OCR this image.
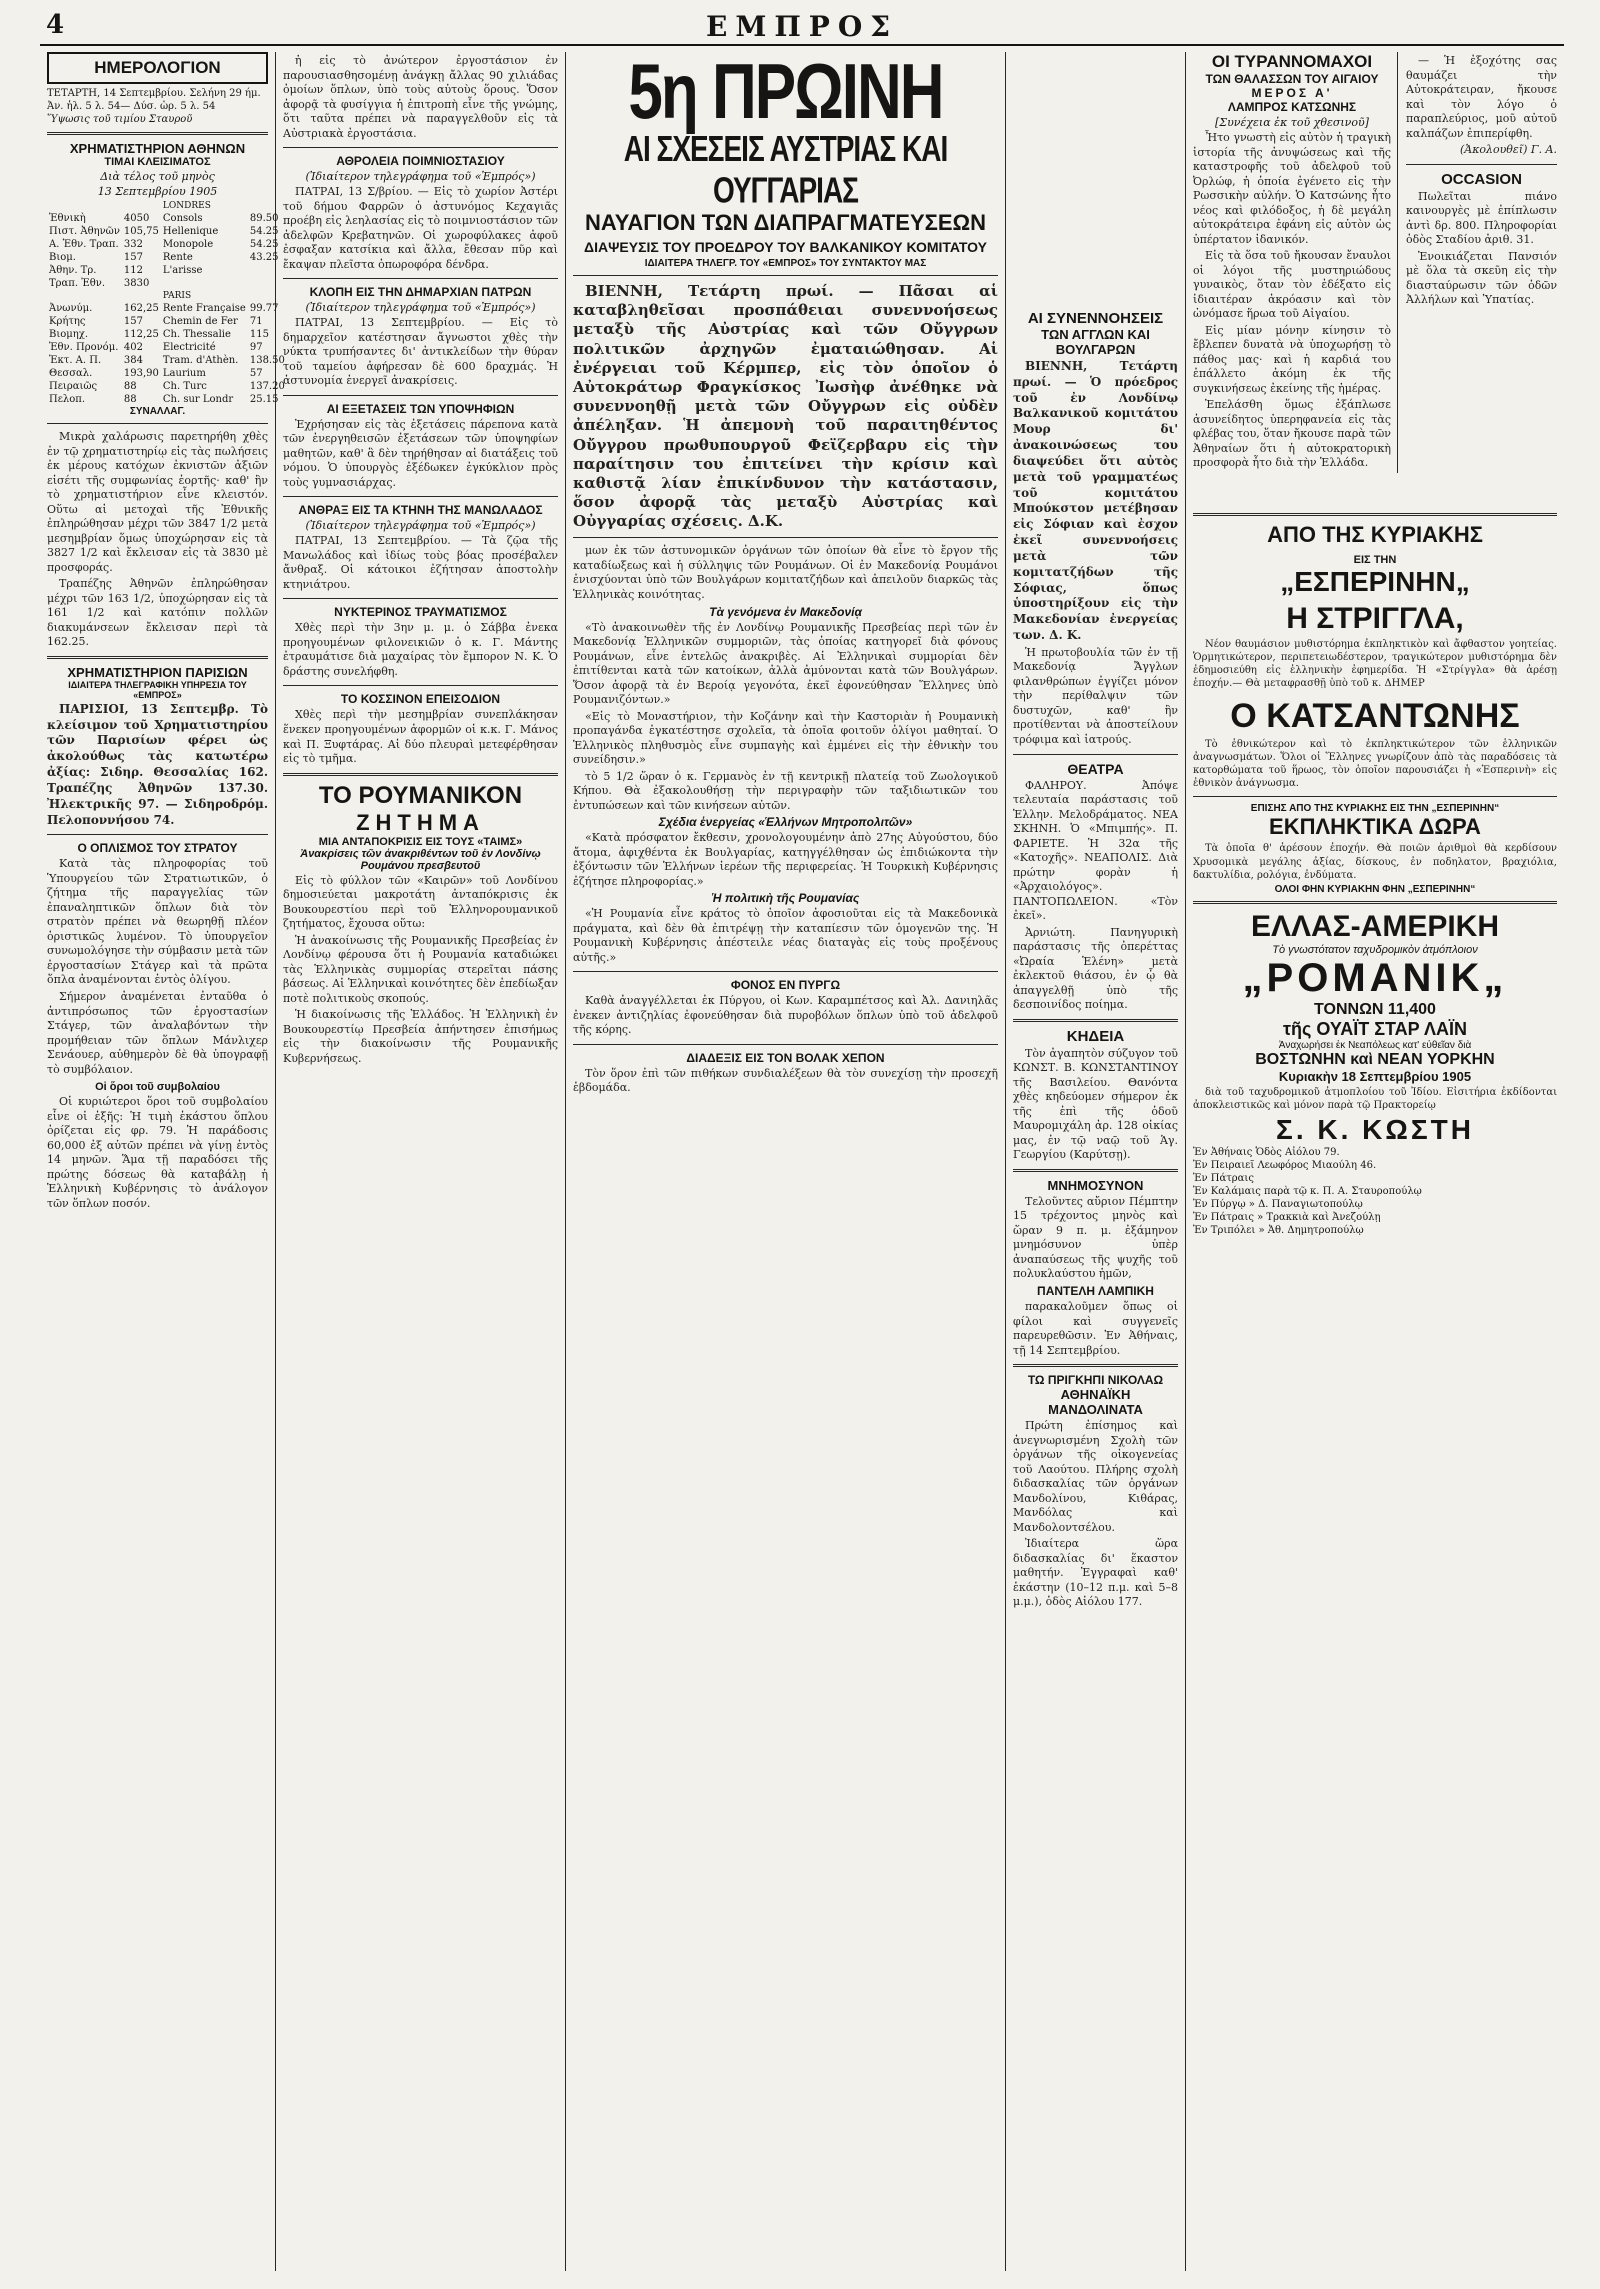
4	ΕΜΠΡΟΣ
ΗΜΕΡΟΛΟΓΙΟΝ
ΤΕΤΑΡΤΗ, 14 Σεπτεμβρίου. Σελήνη 29 ήμ.
Ἀν. ἡλ. 5 λ. 54— Δύσ. ὡρ. 5 λ. 54
Ὕψωσις τοῦ τιμίου Σταυροῦ
ΧΡΗΜΑΤΙΣΤΗΡΙΟΝ ΑΘΗΝΩΝ
ΤΙΜΑΙ ΚΛΕΙΣΙΜΑΤΟΣ
Διὰ τέλος τοῦ μηνὸς
13 Σεπτεμβρίου 1905
		LONDRES	
Ἐθνικὴ	4050	Consols	89.50
Πιστ. Ἀθηνῶν	105,75	Hellenique	54.25
Α. Ἐθν. Τραπ.	332	Monopole	54.25
Βιομ.	157	Rente	43.25
Ἀθην. Τρ.	112	L'arisse	
Τραπ. Ἐθν.	3830		
		PARIS	
Ἀνωνύμ.	162,25	Rente Française	99.77
Κρήτης	157	Chemin de Fer	71
Βιομηχ.	112,25	Ch. Thessalie	115
Ἐθν. Προνόμ.	402	Electricité	97
Ἐκτ. Α. Π.	384	Tram. d'Athèn.	138.50
Θεσσαλ.	193,90	Laurium	57
Πειραιῶς	88	Ch. Turc	137.20
Πελοπ.	88	Ch. sur Londr	25.15
ΣΥΝΑΛΛΑΓ.

Μικρὰ χαλάρωσις παρετηρήθη χθὲς ἐν τῷ χρηματιστηρίῳ εἰς τὰς πωλήσεις ἐκ μέρους κατόχων ἐκνιστῶν ἀξιῶν εἰσέτι τῆς συμφωνίας ἐορτῆς· καθ' ἣν τὸ χρηματιστήριον εἶνε κλειστόν. Οὕτω αἱ μετοχαὶ τῆς Ἐθνικῆς ἐπληρώθησαν μέχρι τῶν 3847 1/2 μετὰ μεσημβρίαν ὅμως ὑποχώρησαν εἰς τὰ 3827 1/2 καὶ ἔκλεισαν εἰς τὰ 3830 μὲ προσφοράς.

Τραπέζης Ἀθηνῶν ἐπληρώθησαν μέχρι τῶν 163 1/2, ὑποχώρησαν εἰς τὰ 161 1/2 καὶ κατόπιν πολλῶν διακυμάνσεων ἔκλεισαν περὶ τὰ 162.25.

ΧΡΗΜΑΤΙΣΤΗΡΙΟΝ ΠΑΡΙΣΙΩΝ
ΙΔΙΑΙΤΕΡΑ ΤΗΛΕΓΡΑΦΙΚΗ ΥΠΗΡΕΣΙΑ ΤΟΥ «ΕΜΠΡΟΣ»

ΠΑΡΙΣΙΟΙ, 13 Σεπτεμβρ. Τὸ κλείσιμον τοῦ Χρηματιστηρίου τῶν Παρισίων φέρει ὡς ἀκολούθως τὰς κατωτέρω ἀξίας: Σιδηρ. Θεσσαλίας 162. Τραπέζης Ἀθηνῶν 137.30. Ἠλεκτρικῆς 97. — Σιδηροδρόμ. Πελοποννήσου 74.

Ο ΟΠΛΙΣΜΟΣ ΤΟΥ ΣΤΡΑΤΟΥ

Κατὰ τὰς πληροφορίας τοῦ Ὑπουργείου τῶν Στρατιωτικῶν, ὁ ζήτημα τῆς παραγγελίας τῶν ἐπαναληπτικῶν ὅπλων διὰ τὸν στρατὸν πρέπει νὰ θεωρηθῇ πλέον ὁριστικῶς λυμένον. Τὸ ὑπουργεῖον συνωμολόγησε τὴν σύμβασιν μετὰ τῶν ἐργοστασίων Στάγερ καὶ τὰ πρῶτα ὅπλα ἀναμένονται ἐντὸς ὀλίγου.

Σήμερον ἀναμένεται ἐνταῦθα ὁ ἀντιπρόσωπος τῶν ἐργοστασίων Στάγερ, τῶν ἀναλαβόντων τὴν προμήθειαν τῶν ὅπλων Μάνλιχερ Σενάουερ, αὐθημερὸν δὲ θὰ ὑπογραφῇ τὸ συμβόλαιον.

Οἱ ὅροι τοῦ συμβολαίου

Οἱ κυριώτεροι ὅροι τοῦ συμβολαίου εἶνε οἱ ἑξῆς: Ἡ τιμὴ ἑκάστου ὅπλου ὁρίζεται εἰς φρ. 79. Ἡ παράδοσις 60,000 ἐξ αὐτῶν πρέπει νὰ γίνῃ ἐντὸς 14 μηνῶν. Ἅμα τῇ παραδόσει τῆς πρώτης δόσεως θὰ καταβάλῃ ἡ Ἑλληνικὴ Κυβέρνησις τὸ ἀνάλογον τῶν ὅπλων ποσόν.

ἡ εἰς τὸ ἀνώτερον ἐργοστάσιον ἐν παρουσιασθησομένῃ ἀνάγκῃ ἄλλας 90 χιλιάδας ὁμοίων ὅπλων, ὑπὸ τοὺς αὐτοὺς ὅρους. Ὅσον ἀφορᾷ τὰ φυσίγγια ἡ ἐπιτροπὴ εἶνε τῆς γνώμης, ὅτι ταῦτα πρέπει νὰ παραγγελθοῦν εἰς τὰ Αὐστριακὰ ἐργοστάσια.

ΑΘΡΟΛΕΙΑ ΠΟΙΜΝΙΟΣΤΑΣΙΟΥ
(Ἰδιαίτερον τηλεγράφημα τοῦ «Ἐμπρός»)

ΠΑΤΡΑΙ, 13 Σ/βρίου. — Εἰς τὸ χωρίον Ἀστέρι τοῦ δήμου Φαρρῶν ὁ ἀστυνόμος Κεχαγιᾶς προέβη εἰς λεηλασίας εἰς τὸ ποιμνιοστάσιον τῶν ἀδελφῶν Κρεβατηνῶν. Οἱ χωροφύλακες ἀφοῦ ἐσφαξαν κατσίκια καὶ ἄλλα, ἔθεσαν πῦρ καὶ ἔκαψαν πλεῖστα ὁπωροφόρα δένδρα.

ΚΛΟΠΗ ΕΙΣ ΤΗΝ ΔΗΜΑΡΧΙΑΝ ΠΑΤΡΩΝ
(Ἰδιαίτερον τηλεγράφημα τοῦ «Ἐμπρός»)

ΠΑΤΡΑΙ, 13 Σεπτεμβρίου. — Εἰς τὸ δημαρχεῖον κατέστησαν ἄγνωστοι χθὲς τὴν νύκτα τρυπήσαντες δι' ἀντικλείδων τὴν θύραν τοῦ ταμείου ἀφήρεσαν δὲ 600 δραχμάς. Ἡ ἀστυνομία ἐνεργεῖ ἀνακρίσεις.

ΑΙ ΕΞΕΤΑΣΕΙΣ ΤΩΝ ΥΠΟΨΗΦΙΩΝ

Ἐχρήσησαν εἰς τὰς ἐξετάσεις πάρεπονα κατὰ τῶν ἐνεργηθεισῶν ἐξετάσεων τῶν ὑποψηφίων μαθητῶν, καθ' ἃ δὲν τηρήθησαν αἱ διατάξεις τοῦ νόμου. Ὁ ὑπουργὸς ἐξέδωκεν ἐγκύκλιον πρὸς τοὺς γυμνασιάρχας.

ΑΝΘΡΑΞ ΕΙΣ ΤΑ ΚΤΗΝΗ ΤΗΣ ΜΑΝΩΛΑΔΟΣ
(Ἰδιαίτερον τηλεγράφημα τοῦ «Ἐμπρός»)

ΠΑΤΡΑΙ, 13 Σεπτεμβρίου. — Τὰ ζῷα τῆς Μανωλάδος καὶ ἰδίως τοὺς βόας προσέβαλεν ἄνθραξ. Οἱ κάτοικοι ἐζήτησαν ἀποστολὴν κτηνιάτρου.

ΝΥΚΤΕΡΙΝΟΣ ΤΡΑΥΜΑΤΙΣΜΟΣ

Χθὲς περὶ τὴν 3ην μ. μ. ὁ Σάββα ἐνεκα προηγουμένων φιλονεικιῶν ὁ κ. Γ. Μάντης ἐτραυμάτισε διὰ μαχαίρας τὸν ἔμπορον Ν. Κ. Ὁ δράστης συνελήφθη.

ΤΟ ΚΟΣΣΙΝΟΝ ΕΠΕΙΣΟΔΙΟΝ

Χθὲς περὶ τὴν μεσημβρίαν συνεπλάκησαν ἕνεκεν προηγουμένων ἀφορμῶν οἱ κ.κ. Γ. Μάνος καὶ Π. Ξυφτάρας. Αἱ δύο πλευραὶ μετεφέρθησαν εἰς τὸ τμῆμα.

ΤΟ ΡΟΥΜΑΝΙΚΟΝ
ΖΗΤΗΜΑ
ΜΙΑ ΑΝΤΑΠΟΚΡΙΣΙΣ ΕΙΣ ΤΟΥΣ «ΤΑΙΜΣ»
Ἀνακρίσεις τῶν ἀνακριθέντων τοῦ ἐν Λονδίνῳ Ρουμάνου πρεσβευτοῦ

Εἰς τὸ φύλλον τῶν «Καιρῶν» τοῦ Λονδίνου δημοσιεύεται μακροτάτη ἀνταπόκρισις ἐκ Βουκουρεστίου περὶ τοῦ Ἑλληνορουμανικοῦ ζητήματος, ἔχουσα οὕτω:

Ἡ ἀνακοίνωσις τῆς Ρουμανικῆς Πρεσβείας ἐν Λονδίνῳ φέρουσα ὅτι ἡ Ρουμανία καταδιώκει τὰς Ἑλληνικὰς συμμορίας στερεῖται πάσης βάσεως. Αἱ Ἑλληνικαὶ κοινότητες δὲν ἐπεδίωξαν ποτὲ πολιτικοὺς σκοπούς.

Ἡ διακοίνωσις τῆς Ἑλλάδος. Ἡ Ἑλληνικὴ ἐν Βουκουρεστίῳ Πρεσβεία ἀπήντησεν ἐπισήμως εἰς τὴν διακοίνωσιν τῆς Ρουμανικῆς Κυβερνήσεως.

5η ΠΡΩΙΝΗ
ΑΙ ΣΧΕΣΕΙΣ ΑΥΣΤΡΙΑΣ ΚΑΙ ΟΥΓΓΑΡΙΑΣ
ΝΑΥΑΓΙΟΝ ΤΩΝ ΔΙΑΠΡΑΓΜΑΤΕΥΣΕΩΝ
ΔΙΑΨΕΥΣΙΣ ΤΟΥ ΠΡΟΕΔΡΟΥ ΤΟΥ ΒΑΛΚΑΝΙΚΟΥ ΚΟΜΙΤΑΤΟΥ
ΙΔΙΑΙΤΕΡΑ ΤΗΛΕΓΡ. ΤΟΥ «ΕΜΠΡΟΣ» ΤΟΥ ΣΥΝΤΑΚΤΟΥ ΜΑΣ

ΒΙΕΝΝΗ, Τετάρτη πρωί. — Πᾶσαι αἱ καταβληθεῖσαι προσπάθειαι συνεννοήσεως μεταξὺ τῆς Αὐστρίας καὶ τῶν Οὔγγρων πολιτικῶν ἀρχηγῶν ἐματαιώθησαν. Αἱ ἐνέργειαι τοῦ Κέρμπερ, εἰς τὸν ὁποῖον ὁ Αὐτοκράτωρ Φραγκίσκος Ἰωσὴφ ἀνέθηκε νὰ συνεννοηθῇ μετὰ τῶν Οὔγγρων εἰς οὐδὲν ἀπέληξαν. Ἡ ἀπεμονὴ τοῦ παραιτηθέντος Οὔγγρου πρωθυπουργοῦ Φεϊζερβαρυ εἰς τὴν παραίτησιν του ἐπιτείνει τὴν κρίσιν καὶ καθιστᾷ λίαν ἐπικίνδυνον τὴν κατάστασιν, ὅσον ἀφορᾷ τὰς μεταξὺ Αὐστρίας καὶ Οὐγγαρίας σχέσεις. Δ.Κ.

μων ἐκ τῶν ἀστυνομικῶν ὀργάνων τῶν ὁποίων θὰ εἶνε τὸ ἔργον τῆς καταδίωξεως καὶ ἡ σύλληψις τῶν Ρουμάνων. Οἱ ἐν Μακεδονίᾳ Ρουμάνοι ἐνισχύονται ὑπὸ τῶν Βουλγάρων κομιτατζήδων καὶ ἀπειλοῦν διαρκῶς τὰς Ἑλληνικὰς κοινότητας.

Τὰ γενόμενα ἐν Μακεδονίᾳ

«Τὸ ἀνακοινωθὲν τῆς ἐν Λονδίνῳ Ρουμανικῆς Πρεσβείας περὶ τῶν ἐν Μακεδονίᾳ Ἑλληνικῶν συμμοριῶν, τὰς ὁποίας κατηγορεῖ διὰ φόνους Ρουμάνων, εἶνε ἐντελῶς ἀνακριβὲς. Αἱ Ἑλληνικαὶ συμμορίαι δὲν ἐπιτίθενται κατὰ τῶν κατοίκων, ἀλλὰ ἀμύνονται κατὰ τῶν Βουλγάρων. Ὅσον ἀφορᾷ τὰ ἐν Βεροίᾳ γεγονότα, ἐκεῖ ἐφονεύθησαν Ἕλληνες ὑπὸ Ρουμανιζόντων.»

«Εἰς τὸ Μοναστήριον, τὴν Κοζάνην καὶ τὴν Καστοριὰν ἡ Ρουμανικὴ προπαγάνδα ἐγκατέστησε σχολεῖα, τὰ ὁποῖα φοιτοῦν ὀλίγοι μαθηταί. Ὁ Ἑλληνικὸς πληθυσμὸς εἶνε συμπαγὴς καὶ ἐμμένει εἰς τὴν ἐθνικὴν του συνείδησιν.»

τὸ 5 1/2 ὥραν ὁ κ. Γερμανὸς ἐν τῇ κεντρικῇ πλατείᾳ τοῦ Ζωολογικοῦ Κήπου. Θὰ ἐξακολουθήσῃ τὴν περιγραφὴν τῶν ταξιδιωτικῶν του ἐντυπώσεων καὶ τῶν κινήσεων αὐτῶν.

Σχέδια ἐνεργείας «Ἑλλήνων Μητροπολιτῶν»

«Κατὰ πρόσφατον ἔκθεσιν, χρονολογουμένην ἀπὸ 27ης Αὐγούστου, δύο ἄτομα, ἀφιχθέντα ἐκ Βουλγαρίας, κατηγγέλθησαν ὡς ἐπιδιώκοντα τὴν ἐξόντωσιν τῶν Ἑλλήνων ἱερέων τῆς περιφερείας. Ἡ Τουρκικὴ Κυβέρνησις ἐζήτησε πληροφορίας.»

Ἡ πολιτικὴ τῆς Ρουμανίας

«Ἡ Ρουμανία εἶνε κράτος τὸ ὁποῖον ἀφοσιοῦται εἰς τὰ Μακεδονικὰ πράγματα, καὶ δὲν θὰ ἐπιτρέψῃ τὴν καταπίεσιν τῶν ὁμογενῶν της. Ἡ Ρουμανικὴ Κυβέρνησις ἀπέστειλε νέας διαταγὰς εἰς τοὺς προξένους αὐτῆς.»

ΦΟΝΟΣ ΕΝ ΠΥΡΓΩ

Καθὰ ἀναγγέλλεται ἐκ Πύργου, οἱ Κων. Καραμπέτσος καὶ Ἀλ. Δανιηλᾶς ἐνεκεν ἀντιζηλίας ἐφονεύθησαν διὰ πυροβόλων ὅπλων ὑπὸ τοῦ ἀδελφοῦ τῆς κόρης.

ΔΙΑΔΕΞΙΣ ΕΙΣ ΤΟΝ ΒΟΛΑΚ ΧΕΠΟΝ

Τὸν ὅρον ἐπὶ τῶν πιθήκων συνδιαλέξεων θὰ τὸν συνεχίσῃ τὴν προσεχῆ ἑβδομάδα.

ΑΙ ΣΥΝΕΝΝΟΗΣΕΙΣ
ΤΩΝ ΑΓΓΛΩΝ ΚΑΙ ΒΟΥΛΓΑΡΩΝ

ΒΙΕΝΝΗ, Τετάρτη πρωί. — Ὁ πρόεδρος τοῦ ἐν Λονδίνῳ Βαλκανικοῦ κομιτάτου Μουρ δι' ἀνακοινώσεως του διαψεύδει ὅτι αὐτὸς μετὰ τοῦ γραμματέως τοῦ κομιτάτου Μπούκστον μετέβησαν εἰς Σόφιαν καὶ ἐσχον ἐκεῖ συνεννοήσεις μετὰ τῶν κομιτατζήδων τῆς Σόφιας, ὅπως ὑποστηρίξουν εἰς τὴν Μακεδονίαν ἐνεργείας των. Δ. Κ.

Ἡ πρωτοβουλία τῶν ἐν τῇ Μακεδονίᾳ Ἄγγλων φιλανθρώπων ἐγγίζει μόνον τὴν περίθαλψιν τῶν δυστυχῶν, καθ' ἣν προτίθενται νὰ ἀποστείλουν τρόφιμα καὶ ἰατρούς.

ΘΕΑΤΡΑ

ΦΑΛΗΡΟΥ. Ἀπόψε τελευταία παράστασις τοῦ Ἑλλην. Μελοδράματος. ΝΕΑ ΣΚΗΝΗ. Ὁ «Μπιμπής». Π. ΦΑΡΙΕΤΕ. Ἡ 32α τῆς «Κατοχῆς». ΝΕΑΠΟΛΙΣ. Διὰ πρώτην φορὰν ἡ «Ἀρχαιολόγος». ΠΑΝΤΟΠΩΛΕΙΟΝ. «Τὸν ἐκεῖ».

Ἀρνιώτη. Πανηγυρικὴ παράστασις τῆς ὀπερέττας «Ὠραία Ἑλένη» μετὰ ἐκλεκτοῦ θιάσου, ἐν ᾧ θὰ ἀπαγγελθῇ ὑπὸ τῆς δεσποινίδος ποίημα.

ΚΗΔΕΙΑ

Τὸν ἀγαπητὸν σύζυγον τοῦ ΚΩΝΣΤ. Β. ΚΩΝΣΤΑΝΤΙΝΟΥ τῆς Βασιλείου. Θανόντα χθὲς κηδεύομεν σήμερον ἐκ τῆς ἐπὶ τῆς ὁδοῦ Μαυρομιχάλη ἀρ. 128 οἰκίας μας, ἐν τῷ ναῷ τοῦ Ἁγ. Γεωργίου (Καρύτσῃ).

ΜΝΗΜΟΣΥΝΟΝ

Τελοῦντες αὔριον Πέμπτην 15 τρέχοντος μηνὸς καὶ ὥραν 9 π. μ. ἐξάμηνον μνημόσυνον ὑπὲρ ἀναπαύσεως τῆς ψυχῆς τοῦ πολυκλαύστου ἡμῶν,

ΠΑΝΤΕΛΗ ΛΑΜΠΙΚΗ

παρακαλοῦμεν ὅπως οἱ φίλοι καὶ συγγενεῖς παρευρεθῶσιν. Ἐν Ἀθήναις, τῇ 14 Σεπτεμβρίου.

ΤΩ ΠΡΙΓΚΗΠΙ ΝΙΚΟΛΑΩ
ΑΘΗΝΑΪΚΗ ΜΑΝΔΟΛΙΝΑΤΑ

Πρώτη ἐπίσημος καὶ ἀνεγνωρισμένη Σχολὴ τῶν ὀργάνων τῆς οἰκογενείας τοῦ Λαούτου. Πλήρης σχολὴ διδασκαλίας τῶν ὀργάνων Μανδολίνου, Κιθάρας, Μανδόλας καὶ Μανδολοντσέλου.

Ἰδιαίτερα ὥρα διδασκαλίας δι' ἕκαστον μαθητήν. Ἐγγραφαὶ καθ' ἑκάστην (10–12 π.μ. καὶ 5–8 μ.μ.), ὁδὸς Αἰόλου 177.

ΟΙ ΤΥΡΑΝΝΟΜΑΧΟΙ
ΤΩΝ ΘΑΛΑΣΣΩΝ ΤΟΥ ΑΙΓΑΙΟΥ
ΜΕΡΟΣ Α'
ΛΑΜΠΡΟΣ ΚΑΤΣΩΝΗΣ
[Συνέχεια ἐκ τοῦ χθεσινοῦ]

Ἦτο γνωστὴ εἰς αὐτὸν ἡ τραγικὴ ἱστορία τῆς ἀνυψώσεως καὶ τῆς καταστροφῆς τοῦ ἀδελφοῦ τοῦ Ὀρλώφ, ἡ ὁποία ἐγένετο εἰς τὴν Ρωσσικὴν αὐλήν. Ὁ Κατσώνης ἦτο νέος καὶ φιλόδοξος, ἡ δὲ μεγάλη αὐτοκράτειρα ἐφάνη εἰς αὐτὸν ὡς ὑπέρτατον ἰδανικόν.

Εἰς τὰ ὅσα τοῦ ἤκουσαν ἔναυλοι οἱ λόγοι τῆς μυστηριώδους γυναικὸς, ὅταν τὸν ἐδέξατο εἰς ἰδιαιτέραν ἀκρόασιν καὶ τὸν ὠνόμασε ἥρωα τοῦ Αἰγαίου.

Εἰς μίαν μόνην κίνησιν τὸ ἔβλεπεν δυνατὰ νὰ ὑποχωρήσῃ τὸ πάθος μας· καὶ ἡ καρδιά του ἐπάλλετο ἀκόμη ἐκ τῆς συγκινήσεως ἐκείνης τῆς ἡμέρας.

Ἐπελάσθη ὅμως ἐξάπλωσε ἀσυνείδητος ὑπερηφανεία εἰς τὰς φλέβας του, ὅταν ἤκουσε παρὰ τῶν Ἀθηναίων ὅτι ἡ αὐτοκρατορικὴ προσφορὰ ἦτο διὰ τὴν Ἑλλάδα.

— Ἡ ἐξοχότης σας θαυμάζει τὴν Αὐτοκράτειραν, ἤκουσε καὶ τὸν λόγο ὁ παραπλεύριος, μοῦ αὐτοῦ καλπάζων ἐπιπερίφθη.

(Ἀκολουθεῖ) Γ. Α.

OCCASION

Πωλεῖται πιάνο καινουργὲς μὲ ἐπίπλωσιν ἀντὶ δρ. 800. Πληροφορίαι ὁδὸς Σταδίου ἀριθ. 31.

Ἐνοικιάζεται Πανσιόν μὲ ὅλα τὰ σκεῦη εἰς τὴν διασταύρωσιν τῶν ὁδῶν Ἀλλήλων καὶ Ὑπατίας.

ΑΠΟ ΤΗΣ ΚΥΡΙΑΚΗΣ
ΕΙΣ ΤΗΝ
„ΕΣΠΕΡΙΝΗΝ„
Η ΣΤΡΙΓΓΛΑ,

Νέον θαυμάσιον μυθιστόρημα ἐκπληκτικὸν καὶ ἄφθαστον γοητείας. Ὁρμητικώτερον, περιπετειωδέστερον, τραγικώτερον μυθιστόρημα δὲν ἐδημοσιεύθη εἰς ἑλληνικὴν ἐφημερίδα. Ἡ «Στρίγγλα» θὰ ἀρέσῃ ἐποχήν.— Θὰ μεταφρασθῇ ὑπὸ τοῦ κ. ΔΗΜΕΡ

Ο ΚΑΤΣΑΝΤΩΝΗΣ

Τὸ ἐθνικώτερον καὶ τὸ ἐκπληκτικώτερον τῶν ἑλληνικῶν ἀναγνωσμάτων. Ὅλοι οἱ Ἕλληνες γνωρίζουν ἀπὸ τὰς παραδόσεις τὰ κατορθώματα τοῦ ἥρωος, τὸν ὁποῖον παρουσιάζει ἡ «Ἑσπερινὴ» εἰς ἐθνικὸν ἀνάγνωσμα.

ΕΠΙΣΗΣ ΑΠΟ ΤΗΣ ΚΥΡΙΑΚΗΣ ΕΙΣ ΤΗΝ „ΕΣΠΕΡΙΝΗΝ“
ΕΚΠΛΗΚΤΙΚΑ ΔΩΡΑ

Τὰ ὁποῖα θ' ἀρέσουν ἐποχήν. Θὰ ποιῶν ἀριθμοὶ θὰ κερδίσουν Χρυσομικὰ μεγάλης ἀξίας, δίσκους, ἐν ποδηλατον, βραχιόλια, δακτυλίδια, ρολόγια, ἐνδύματα.

ΟΛΟΙ ΦΗΝ ΚΥΡΙΑΚΗΝ ΦΗΝ „ΕΣΠΕΡΙΝΗΝ“
ΕΛΛΑΣ-ΑΜΕΡΙΚΗ
Τὸ γνωστότατον ταχυδρομικὸν ἀτμόπλοιον
„ΡΟΜΑΝΙΚ„
ΤΟΝΝΩΝ 11,400
τῆς ΟΥΑΪΤ ΣΤΑΡ ΛΑΪΝ
Ἀναχωρήσει ἐκ Νεαπόλεως κατ' εὐθεῖαν διὰ
ΒΟΣΤΩΝΗΝ καὶ ΝΕΑΝ ΥΟΡΚΗΝ
Κυριακὴν 18 Σεπτεμβρίου 1905

διὰ τοῦ ταχυδρομικοῦ ἀτμοπλοίου τοῦ Ἰδίου. Εἰσιτήρια ἐκδίδονται ἀποκλειστικῶς καὶ μόνον παρὰ τῷ Πρακτορείῳ

Σ. Κ. ΚΩΣΤΗ
Ἐν Ἀθήναις Ὁδὸς Αἰόλου 79.
Ἐν Πειραιεῖ Λεωφόρος Μιαούλη 46.
Ἐν Πάτραις
Ἐν Καλάμαις παρὰ τῷ κ. Π. Α. Σταυροπούλῳ
Ἐν Πύργῳ » Δ. Παναγιωτοπούλῳ
Ἐν Πάτραις » Τρακκιὰ καὶ Ἀνεζούλῃ
Ἐν Τριπόλει » Ἀθ. Δημητροπούλῳ
